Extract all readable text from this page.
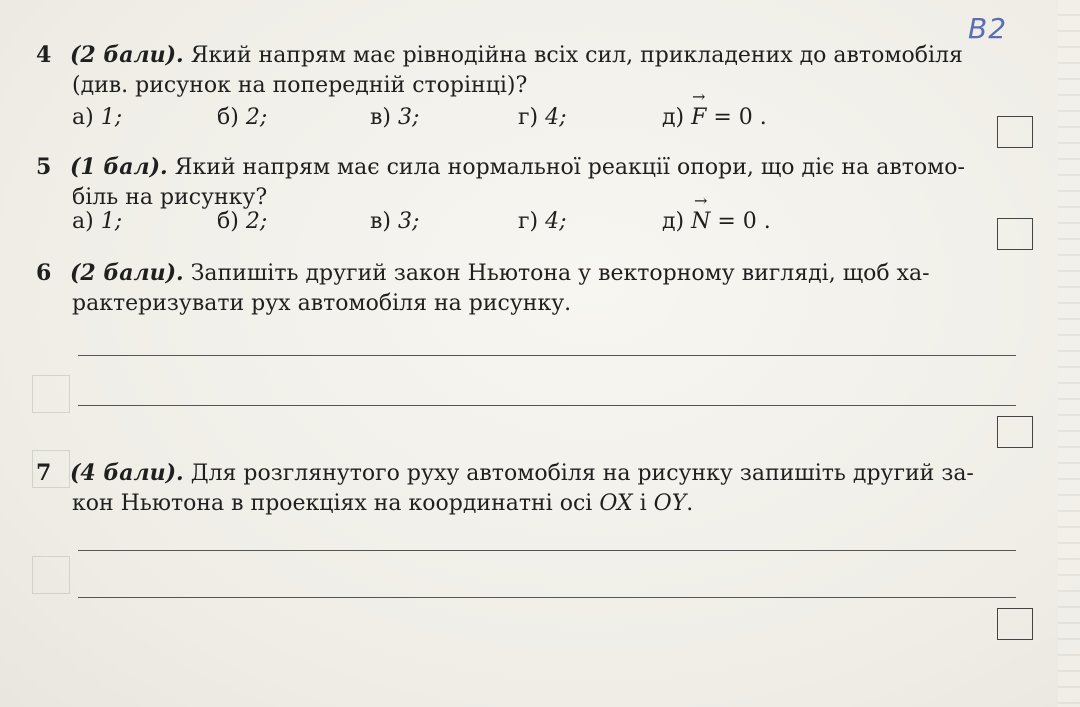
B2
4 (2 бали). Який напрям має рівнодійна всіх сил, прикладених до автомобіля
(див. рисунок на попередній сторінці)?
а) 1;	б) 2;	в) 3;	г) 4;	д) → F = 0 .
5 (1 бал). Який напрям має сила нормальної реакції опори, що діє на автомо-
біль на рисунку?
а) 1;	б) 2;	в) 3;	г) 4;	д) → N = 0 .
6 (2 бали). Запишіть другий закон Ньютона у векторному вигляді, щоб ха-
рактеризувати рух автомобіля на рисунку.
7 (4 бали). Для розглянутого руху автомобіля на рисунку запишіть другий за-
кон Ньютона в проекціях на координатні осі OX і OY.
